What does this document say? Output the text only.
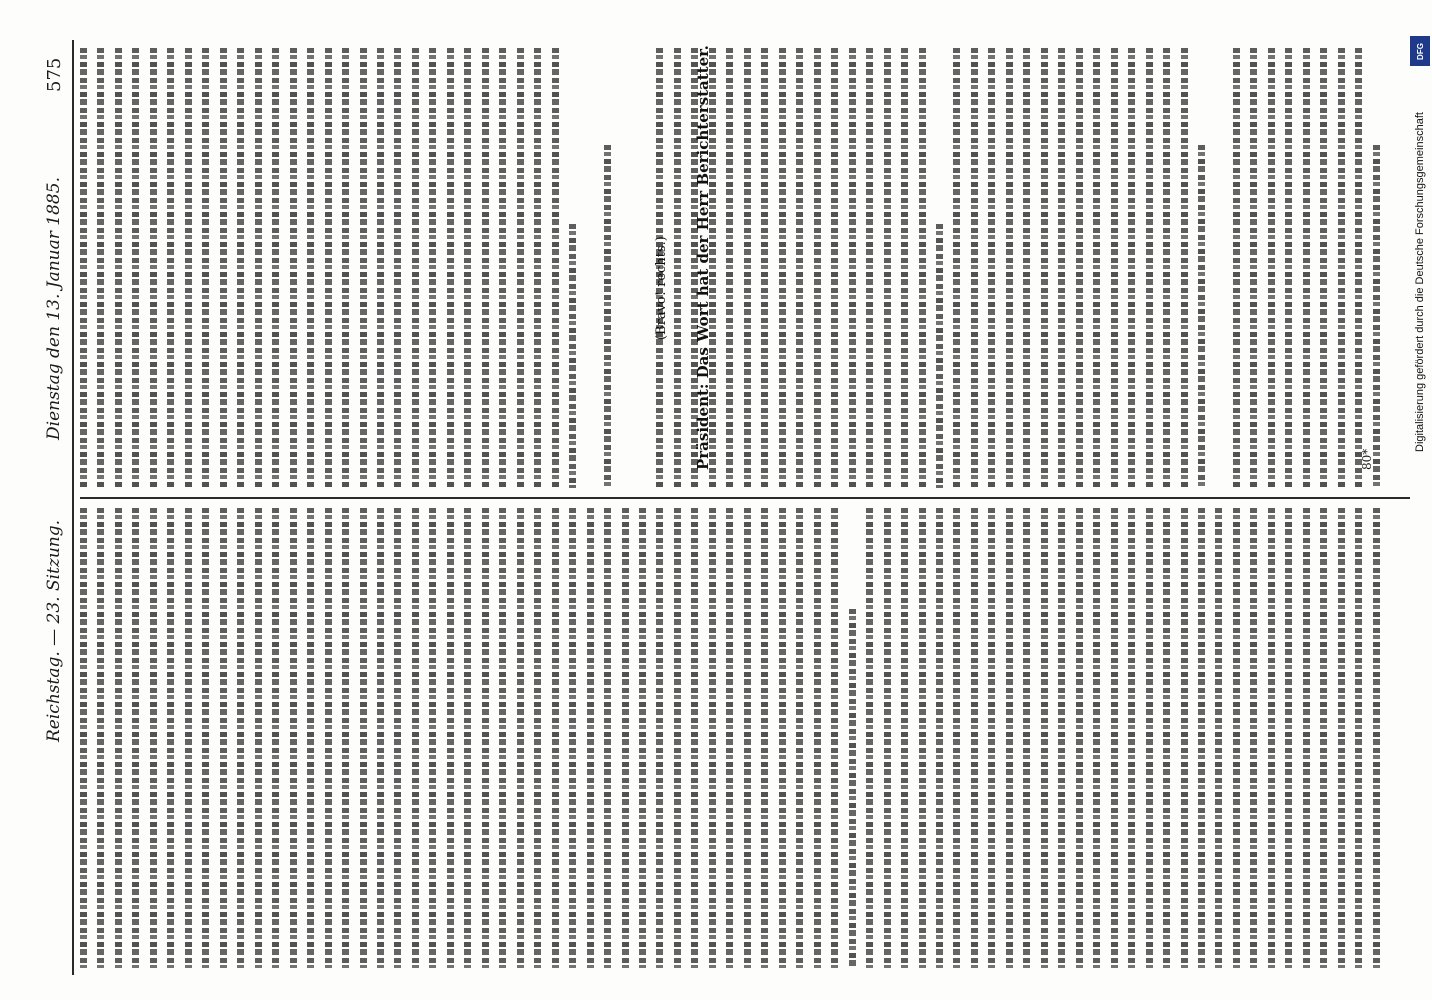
575
Dienstag den 13. Januar 1885.
Reichstag. — 23. Sitzung.
(Bravo! rechts.) Präsident: Das Wort hat der Herr Berichterstatter.	80*
DFG
Digitalisierung gefördert durch die Deutsche Forschungsgemeinschaft
